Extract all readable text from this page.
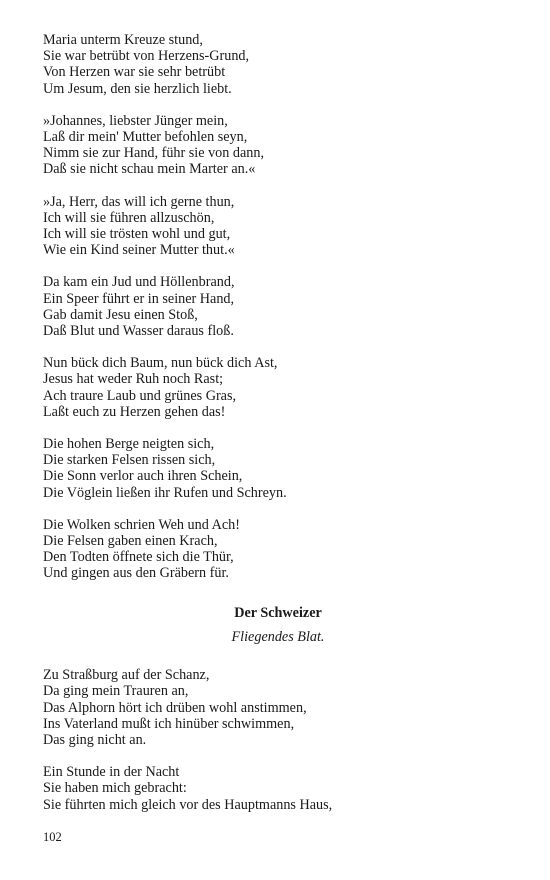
Maria unterm Kreuze stund,
Sie war betrübt von Herzens-Grund,
Von Herzen war sie sehr betrübt
Um Jesum, den sie herzlich liebt.
»Johannes, liebster Jünger mein,
Laß dir mein' Mutter befohlen seyn,
Nimm sie zur Hand, führ sie von dann,
Daß sie nicht schau mein Marter an.«
»Ja, Herr, das will ich gerne thun,
Ich will sie führen allzuschön,
Ich will sie trösten wohl und gut,
Wie ein Kind seiner Mutter thut.«
Da kam ein Jud und Höllenbrand,
Ein Speer führt er in seiner Hand,
Gab damit Jesu einen Stoß,
Daß Blut und Wasser daraus floß.
Nun bück dich Baum, nun bück dich Ast,
Jesus hat weder Ruh noch Rast;
Ach traure Laub und grünes Gras,
Laßt euch zu Herzen gehen das!
Die hohen Berge neigten sich,
Die starken Felsen rissen sich,
Die Sonn verlor auch ihren Schein,
Die Vöglein ließen ihr Rufen und Schreyn.
Die Wolken schrien Weh und Ach!
Die Felsen gaben einen Krach,
Den Todten öffnete sich die Thür,
Und gingen aus den Gräbern für.
Der Schweizer
Fliegendes Blat.
Zu Straßburg auf der Schanz,
Da ging mein Trauren an,
Das Alphorn hört ich drüben wohl anstimmen,
Ins Vaterland mußt ich hinüber schwimmen,
Das ging nicht an.
Ein Stunde in der Nacht
Sie haben mich gebracht:
Sie führten mich gleich vor des Hauptmanns Haus,
102
